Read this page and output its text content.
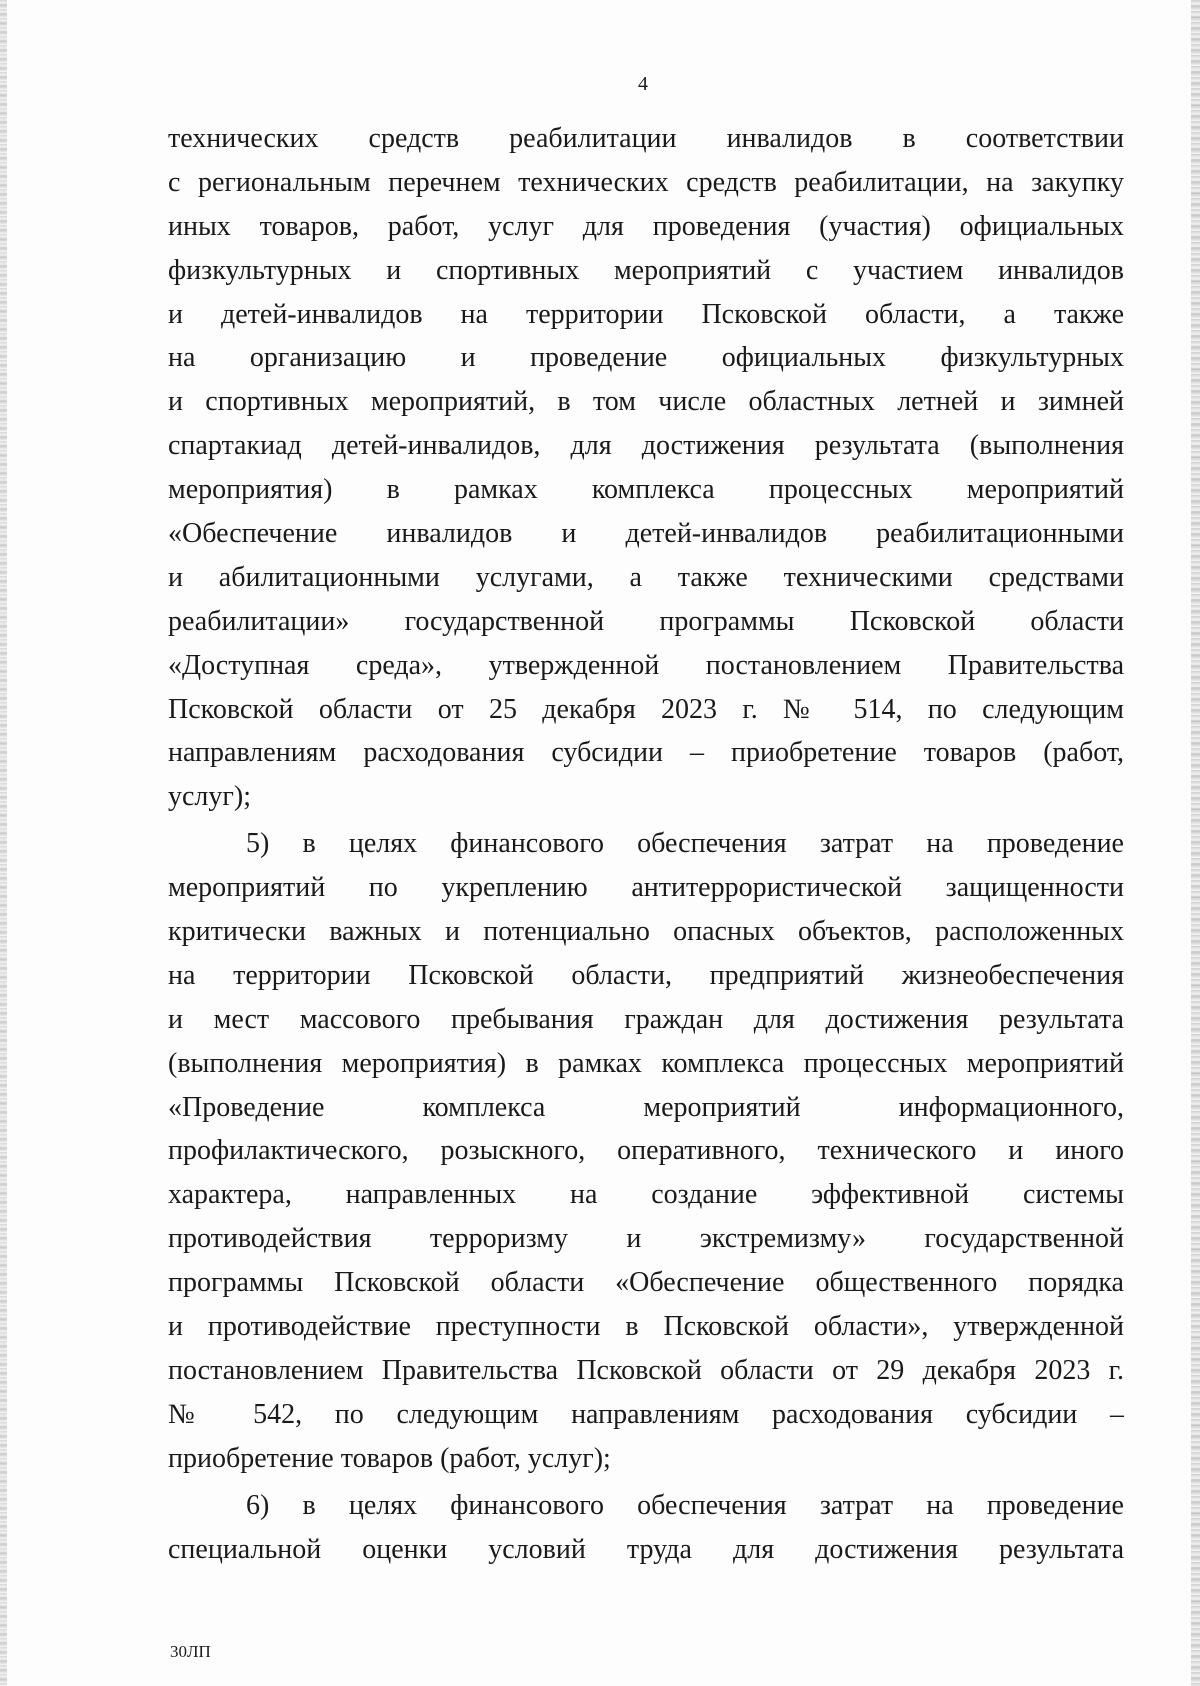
4
технических средств реабилитации инвалидов в соответствии
с региональным перечнем технических средств реабилитации, на закупку
иных товаров, работ, услуг для проведения (участия) официальных
физкультурных и спортивных мероприятий с участием инвалидов
и детей-инвалидов на территории Псковской области, а также
на организацию и проведение официальных физкультурных
и спортивных мероприятий, в том числе областных летней и зимней
спартакиад детей-инвалидов, для достижения результата (выполнения
мероприятия) в рамках комплекса процессных мероприятий
«Обеспечение инвалидов и детей-инвалидов реабилитационными
и абилитационными услугами, а также техническими средствами
реабилитации» государственной программы Псковской области
«Доступная среда», утвержденной постановлением Правительства
Псковской области от 25 декабря 2023 г. № 514, по следующим
направлениям расходования субсидии – приобретение товаров (работ,
услуг);
5) в целях финансового обеспечения затрат на проведение
мероприятий по укреплению антитеррористической защищенности
критически важных и потенциально опасных объектов, расположенных
на территории Псковской области, предприятий жизнеобеспечения
и мест массового пребывания граждан для достижения результата
(выполнения мероприятия) в рамках комплекса процессных мероприятий
«Проведение комплекса мероприятий информационного,
профилактического, розыскного, оперативного, технического и иного
характера, направленных на создание эффективной системы
противодействия терроризму и экстремизму» государственной
программы Псковской области «Обеспечение общественного порядка
и противодействие преступности в Псковской области», утвержденной
постановлением Правительства Псковской области от 29 декабря 2023 г.
№ 542, по следующим направлениям расходования субсидии –
приобретение товаров (работ, услуг);
6) в целях финансового обеспечения затрат на проведение
специальной оценки условий труда для достижения результата
30ЛП
